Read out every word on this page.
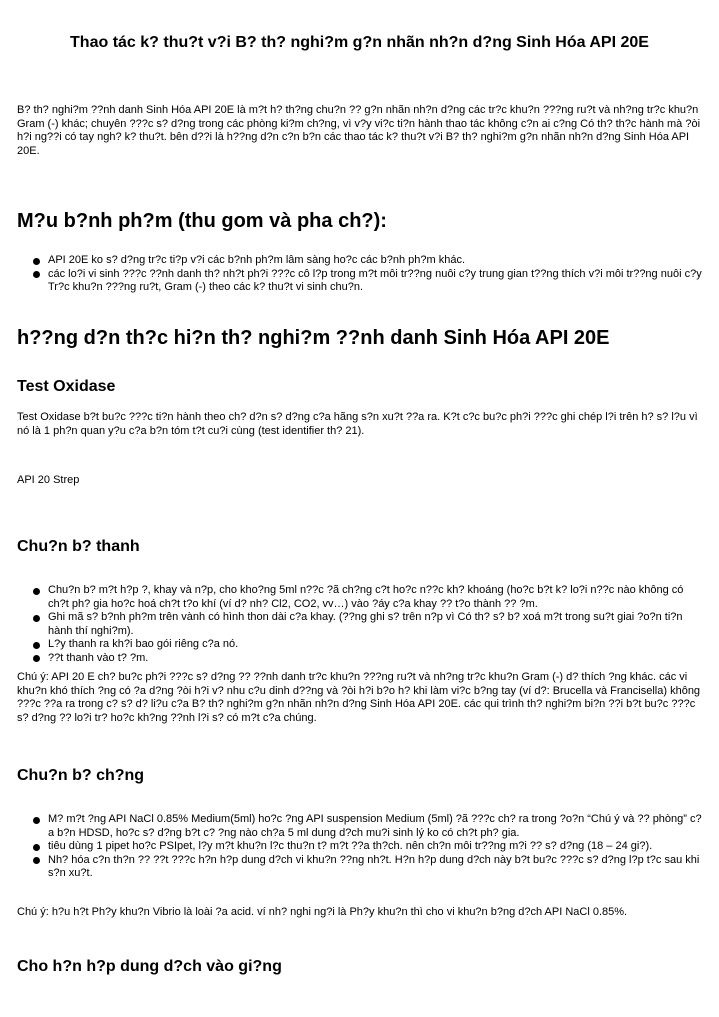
Thao tác k? thu?t v?i B? th? nghi?m g?n nhãn nh?n d?ng Sinh Hóa API 20E

B? th? nghi?m ??nh danh Sinh Hóa API 20E là m?t h? th?ng chu?n ?? g?n nhãn nh?n d?ng các tr?c khu?n ???ng ru?t và nh?ng tr?c khu?n Gram (-) khác; chuyên ???c s? d?ng trong các phòng ki?m ch?ng, vì v?y vi?c ti?n hành thao tác không c?n ai c?ng Có th? th?c hành mà ?òi h?i ng??i có tay ngh? k? thu?t. bên d??i là h??ng d?n c?n b?n các thao tác k? thu?t v?i B? th? nghi?m g?n nhãn nh?n d?ng Sinh Hóa API 20E.

M?u b?nh ph?m (thu gom và pha ch?):
API 20E ko s? d?ng tr?c ti?p v?i các b?nh ph?m lâm sàng ho?c các b?nh ph?m khác.
các lo?i vi sinh ???c ??nh danh th? nh?t ph?i ???c cô l?p trong m?t môi tr??ng nuôi c?y trung gian t??ng thích v?i môi tr??ng nuôi c?y Tr?c khu?n ???ng ru?t, Gram (-) theo các k? thu?t vi sinh chu?n.
h??ng d?n th?c hi?n th? nghi?m ??nh danh Sinh Hóa API 20E
Test Oxidase

Test Oxidase b?t bu?c ???c ti?n hành theo ch? d?n s? d?ng c?a hãng s?n xu?t ??a ra. K?t c?c bu?c ph?i ???c ghi chép l?i trên h? s? l?u vì nó là 1 ph?n quan y?u c?a b?n tóm t?t cu?i cùng (test identifier th? 21).

API 20 Strep

Chu?n b? thanh
Chu?n b? m?t h?p ?, khay và n?p, cho kho?ng 5ml n??c ?ã ch?ng c?t ho?c n??c kh? khoáng (ho?c b?t k? lo?i n??c nào không có ch?t ph? gia ho?c hoá ch?t t?o khí (ví d? nh? Cl2, CO2, vv…) vào ?áy c?a khay ?? t?o thành ?? ?m.
Ghi mã s? b?nh ph?m trên vành có hình thon dài c?a khay. (??ng ghi s? trên n?p vì Có th? s? b? xoá m?t trong su?t giai ?o?n ti?n hành thí nghi?m).
L?y thanh ra kh?i bao gói riêng c?a nó.
??t thanh vào t? ?m.

Chú ý: API 20 E ch? bu?c ph?i ???c s? d?ng ?? ??nh danh tr?c khu?n ???ng ru?t và nh?ng tr?c khu?n Gram (-) d? thích ?ng khác. các vi khu?n khó thích ?ng có ?a d?ng ?òi h?i v? nhu c?u dinh d??ng và ?òi h?i b?o h? khi làm vi?c b?ng tay (ví d?: Brucella và Francisella) không ???c ??a ra trong c? s? d? li?u c?a B? th? nghi?m g?n nhãn nh?n d?ng Sinh Hóa API 20E. các qui trình th? nghi?m bi?n ??i b?t bu?c ???c s? d?ng ?? lo?i tr? ho?c kh?ng ??nh l?i s? có m?t c?a chúng.

Chu?n b? ch?ng
M? m?t ?ng API NaCl 0.85% Medium(5ml) ho?c ?ng API suspension Medium (5ml) ?ã ???c ch? ra trong ?o?n “Chú ý và ?? phòng” c?a b?n HDSD, ho?c s? d?ng b?t c? ?ng nào ch?a 5 ml dung d?ch mu?i sinh lý ko có ch?t ph? gia.
tiêu dùng 1 pipet ho?c PSIpet, l?y m?t khu?n l?c thu?n t? m?t ??a th?ch. nên ch?n môi tr??ng m?i ?? s? d?ng (18 – 24 gi?).
Nh? hóa c?n th?n ?? ??t ???c h?n h?p dung d?ch vi khu?n ??ng nh?t. H?n h?p dung d?ch này b?t bu?c ???c s? d?ng l?p t?c sau khi s?n xu?t.

Chú ý: h?u h?t Ph?y khu?n Vibrio là loài ?a acid. ví nh? nghi ng?i là Ph?y khu?n thì cho vi khu?n b?ng d?ch API NaCl 0.85%.

Cho h?n h?p dung d?ch vào gi?ng
